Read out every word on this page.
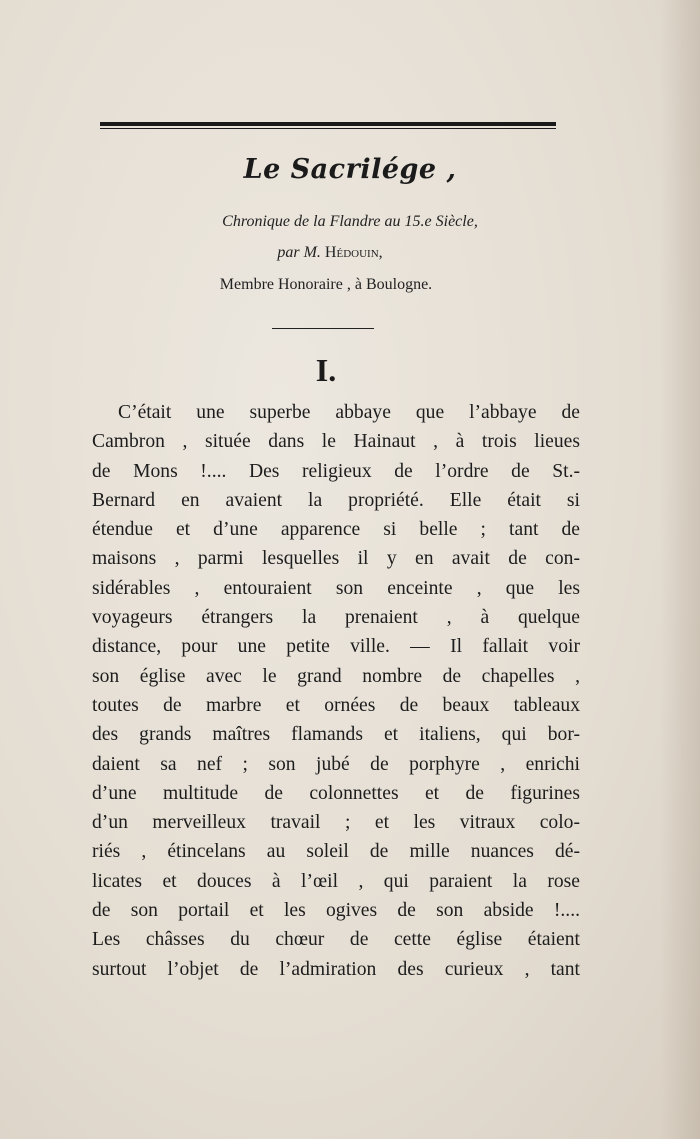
Le Sacrilége ,
Chronique de la Flandre au 15.e Siècle,
par M. Hédouin,
Membre Honoraire , à Boulogne.
I.
C’était une superbe abbaye que l’abbaye de
Cambron , située dans le Hainaut , à trois lieues
de Mons !.... Des religieux de l’ordre de St.-
Bernard en avaient la propriété. Elle était si
étendue et d’une apparence si belle ; tant de
maisons , parmi lesquelles il y en avait de con-
sidérables , entouraient son enceinte , que les
voyageurs étrangers la prenaient , à quelque
distance, pour une petite ville. — Il fallait voir
son église avec le grand nombre de chapelles ,
toutes de marbre et ornées de beaux tableaux
des grands maîtres flamands et italiens, qui bor-
daient sa nef ; son jubé de porphyre , enrichi
d’une multitude de colonnettes et de figurines
d’un merveilleux travail ; et les vitraux colo-
riés , étincelans au soleil de mille nuances dé-
licates et douces à l’œil , qui paraient la rose
de son portail et les ogives de son abside !....
Les châsses du chœur de cette église étaient
surtout l’objet de l’admiration des curieux , tant
